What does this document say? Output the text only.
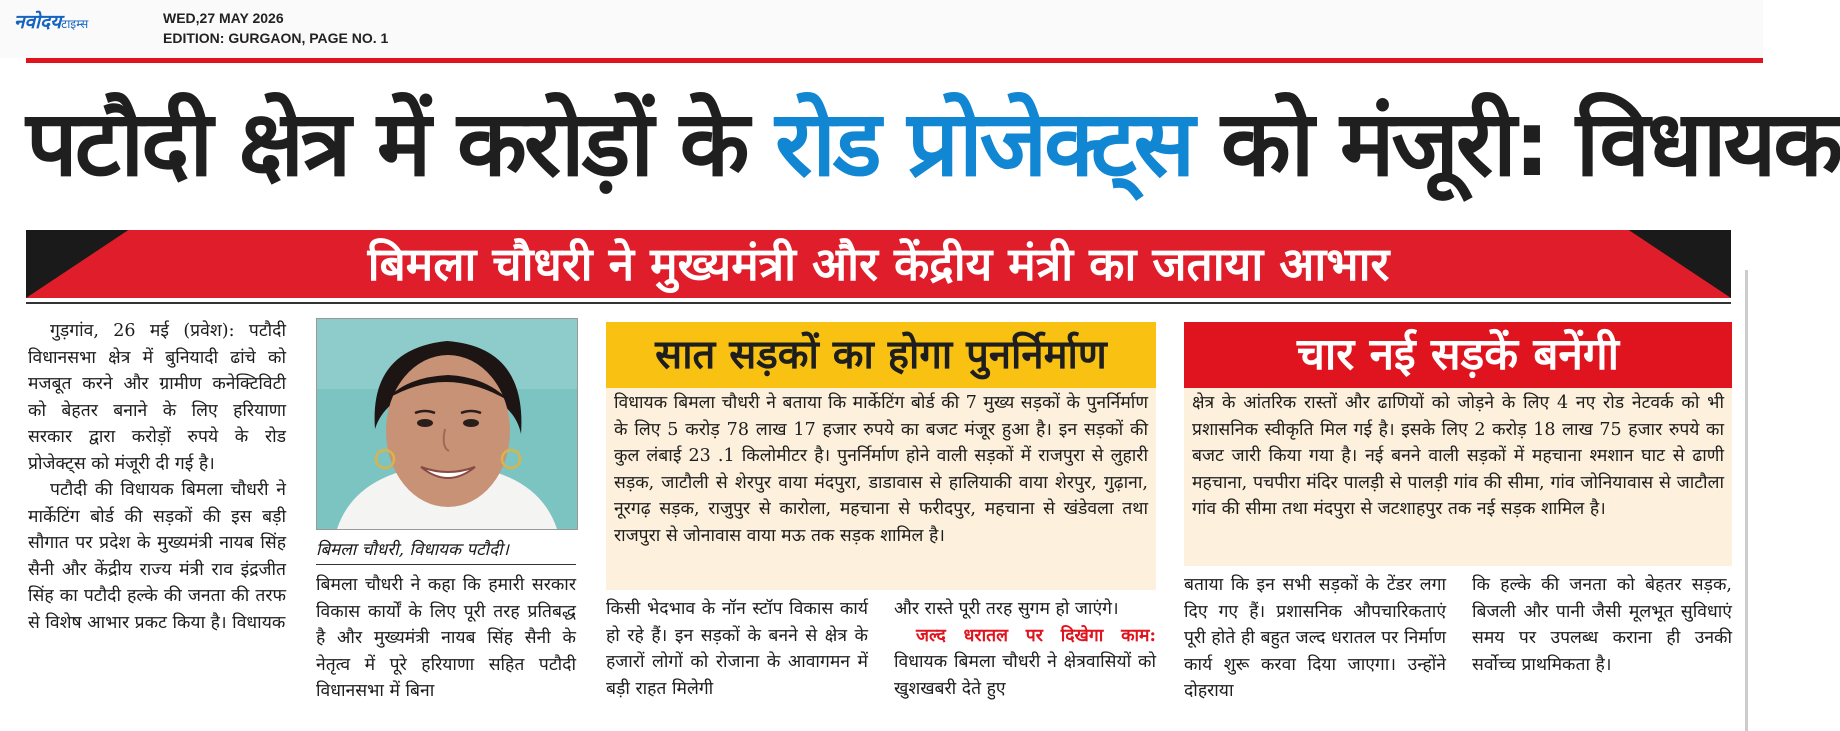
नवोदयटाइम्स	WED,27 MAY 2026
EDITION: GURGAON, PAGE NO. 1
पटौदी क्षेत्र में करोड़ों के रोड प्रोजेक्ट्स को मंजूरी: विधायक
बिमला चौधरी ने मुख्यमंत्री और केंद्रीय मंत्री का जताया आभार
गुड़गांव, 26 मई (प्रवेश): पटौदी विधानसभा क्षेत्र में बुनियादी ढांचे को मजबूत करने और ग्रामीण कनेक्टिविटी को बेहतर बनाने के लिए हरियाणा सरकार द्वारा करोड़ों रुपये के रोड प्रोजेक्ट्स को मंजूरी दी गई है।
पटौदी की विधायक बिमला चौधरी ने मार्केटिंग बोर्ड की सड़कों की इस बड़ी सौगात पर प्रदेश के मुख्यमंत्री नायब सिंह सैनी और केंद्रीय राज्य मंत्री राव इंद्रजीत सिंह का पटौदी हल्के की जनता की तरफ से विशेष आभार प्रकट किया है। विधायक
बिमला चौधरी, विधायक पटौदी।
बिमला चौधरी ने कहा कि हमारी सरकार विकास कार्यों के लिए पूरी तरह प्रतिबद्ध है और मुख्यमंत्री नायब सिंह सैनी के नेतृत्व में पूरे हरियाणा सहित पटौदी विधानसभा में बिना
सात सड़कों का होगा पुनर्निर्माण
विधायक बिमला चौधरी ने बताया कि मार्केटिंग बोर्ड की 7 मुख्य सड़कों के पुनर्निर्माण के लिए 5 करोड़ 78 लाख 17 हजार रुपये का बजट मंजूर हुआ है। इन सड़कों की कुल लंबाई 23 .1 किलोमीटर है। पुनर्निर्माण होने वाली सड़कों में राजपुरा से लुहारी सड़क, जाटौली से शेरपुर वाया मंदपुरा, डाडावास से हालियाकी वाया शेरपुर, गुढ़ाना, नूरगढ़ सड़क, राजुपुर से कारोला, महचाना से फरीदपुर, महचाना से खंडेवला तथा राजपुरा से जोनावास वाया मऊ तक सड़क शामिल है।
किसी भेदभाव के नॉन स्टॉप विकास कार्य हो रहे हैं। इन सड़कों के बनने से क्षेत्र के हजारों लोगों को रोजाना के आवागमन में बड़ी राहत मिलेगी
और रास्ते पूरी तरह सुगम हो जाएंगे।
जल्द धरातल पर दिखेगा काम: विधायक बिमला चौधरी ने क्षेत्रवासियों को खुशखबरी देते हुए
चार नई सड़कें बनेंगी
क्षेत्र के आंतरिक रास्तों और ढाणियों को जोड़ने के लिए 4 नए रोड नेटवर्क को भी प्रशासनिक स्वीकृति मिल गई है। इसके लिए 2 करोड़ 18 लाख 75 हजार रुपये का बजट जारी किया गया है। नई बनने वाली सड़कों में महचाना श्मशान घाट से ढाणी महचाना, पचपीरा मंदिर पालड़ी से पालड़ी गांव की सीमा, गांव जोनियावास से जाटौला गांव की सीमा तथा मंदपुरा से जटशाहपुर तक नई सड़क शामिल है।
बताया कि इन सभी सड़कों के टेंडर लगा दिए गए हैं। प्रशासनिक औपचारिकताएं पूरी होते ही बहुत जल्द धरातल पर निर्माण कार्य शुरू करवा दिया जाएगा। उन्होंने दोहराया
कि हल्के की जनता को बेहतर सड़क, बिजली और पानी जैसी मूलभूत सुविधाएं समय पर उपलब्ध कराना ही उनकी सर्वोच्च प्राथमिकता है।
